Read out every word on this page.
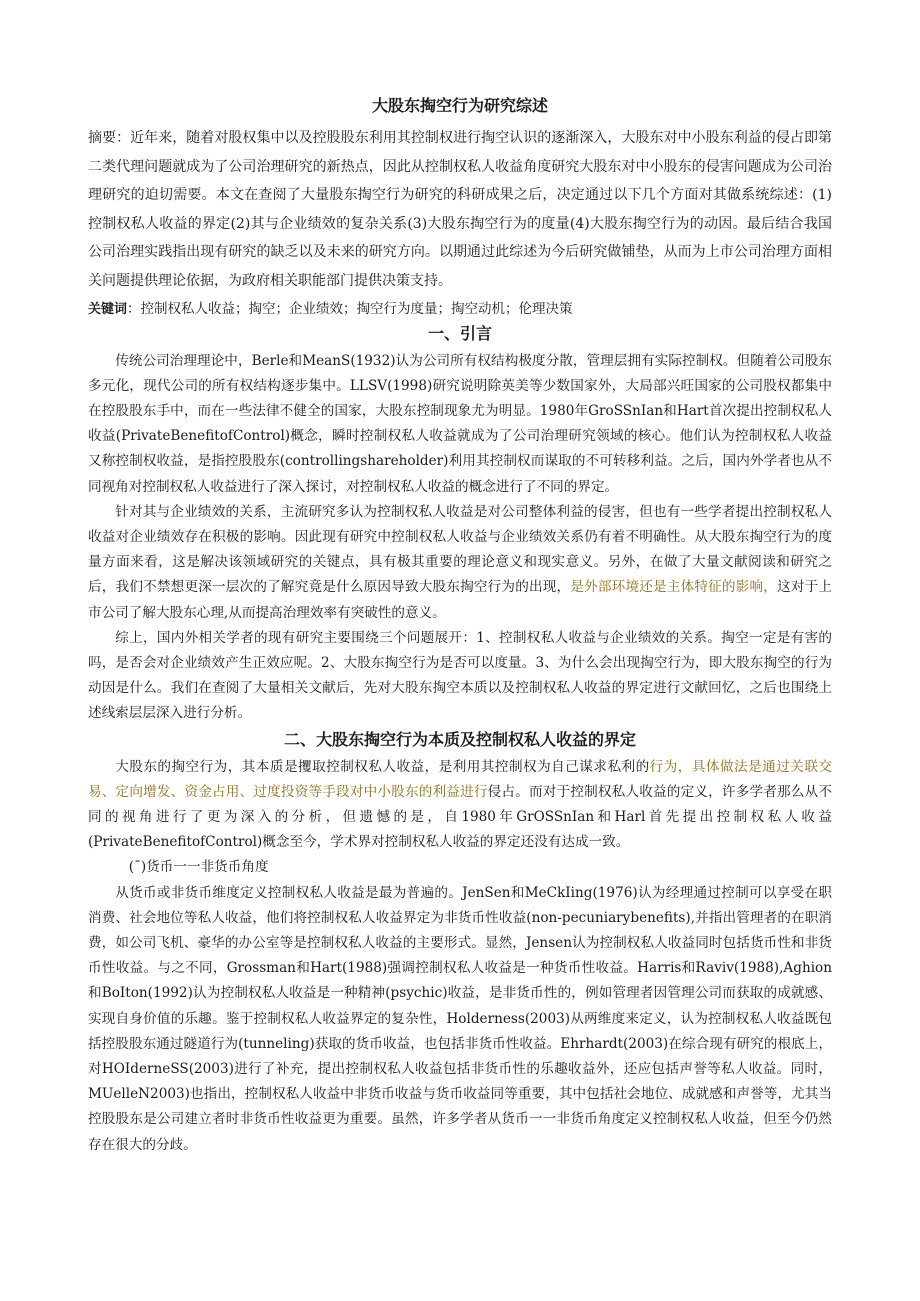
大股东掏空行为研究综述

摘要：近年来，随着对股权集中以及控股股东利用其控制权进行掏空认识的逐渐深入，大股东对中小股东利益的侵占即第二类代理问题就成为了公司治理研究的新热点，因此从控制权私人收益角度研究大股东对中小股东的侵害问题成为公司治理研究的迫切需要。本文在查阅了大量股东掏空行为研究的科研成果之后，决定通过以下几个方面对其做系统综述：(1)控制权私人收益的界定(2)其与企业绩效的复杂关系(3)大股东掏空行为的度量(4)大股东掏空行为的动因。最后结合我国公司治理实践指出现有研究的缺乏以及未来的研究方向。以期通过此综述为今后研究做铺垫，从而为上市公司治理方面相关问题提供理论依据，为政府相关职能部门提供决策支持。

关键词：控制权私人收益；掏空；企业绩效；掏空行为度量；掏空动机；伦理决策

一、引言

传统公司治理理论中，Berle和MeanS(1932)认为公司所有权结构极度分散，管理层拥有实际控制权。但随着公司股东多元化，现代公司的所有权结构逐步集中。LLSV(1998)研究说明除英美等少数国家外，大局部兴旺国家的公司股权都集中在控股股东手中，而在一些法律不健全的国家，大股东控制现象尤为明显。1980年GroSSnIan和Hart首次提出控制权私人收益(PrivateBenefitofControl)概念，瞬时控制权私人收益就成为了公司治理研究领域的核心。他们认为控制权私人收益又称控制权收益，是指控股股东(controllingshareholder)利用其控制权而谋取的不可转移利益。之后，国内外学者也从不同视角对控制权私人收益进行了深入探讨，对控制权私人收益的概念进行了不同的界定。

针对其与企业绩效的关系，主流研究多认为控制权私人收益是对公司整体利益的侵害，但也有一些学者提出控制权私人收益对企业绩效存在积极的影响。因此现有研究中控制权私人收益与企业绩效关系仍有着不明确性。从大股东掏空行为的度量方面来看，这是解决该领域研究的关键点，具有极其重要的理论意义和现实意义。另外，在做了大量文献阅读和研究之后，我们不禁想更深一层次的了解究竟是什么原因导致大股东掏空行为的出现，是外部环境还是主体特征的影响，这对于上市公司了解大股东心理,从而提高治理效率有突破性的意义。

综上，国内外相关学者的现有研究主要围绕三个问题展开：1、控制权私人收益与企业绩效的关系。掏空一定是有害的吗，是否会对企业绩效产生正效应呢。2、大股东掏空行为是否可以度量。3、为什么会出现掏空行为，即大股东掏空的行为动因是什么。我们在查阅了大量相关文献后，先对大股东掏空本质以及控制权私人收益的界定进行文献回忆，之后也围绕上述线索层层深入进行分析。

二、大股东掏空行为本质及控制权私人收益的界定

大股东的掏空行为，其本质是攫取控制权私人收益，是利用其控制权为自己谋求私利的行为，具体做法是通过关联交易、定向增发、资金占用、过度投资等手段对中小股东的利益进行侵占。而对于控制权私人收益的定义，许多学者那么从不同的视角进行了更为深入的分析，但遗憾的是，自1980年GrOSSnIan和Harl首先提出控制权私人收益(PrivateBenefitofControl)概念至今，学术界对控制权私人收益的界定还没有达成一致。

(ˉ)货币一一非货币角度

从货币或非货币维度定义控制权私人收益是最为普遍的。JenSen和MeCkIing(1976)认为经理通过控制可以享受在职消费、社会地位等私人收益，他们将控制权私人收益界定为非货币性收益(non-pecuniarybenefits),并指出管理者的在职消费，如公司飞机、豪华的办公室等是控制权私人收益的主要形式。显然，Jensen认为控制权私人收益同时包括货币性和非货币性收益。与之不同，Grossman和Hart(1988)强调控制权私人收益是一种货币性收益。Harris和Raviv(1988),Aghion和BoIton(1992)认为控制权私人收益是一种精神(psychic)收益，是非货币性的，例如管理者因管理公司而获取的成就感、实现自身价值的乐趣。鉴于控制权私人收益界定的复杂性，Holderness(2003)从两维度来定义，认为控制权私人收益既包括控股股东通过隧道行为(tunneling)获取的货币收益，也包括非货币性收益。Ehrhardt(2003)在综合现有研究的根底上，对HOIderneSS(2003)进行了补充，提出控制权私人收益包括非货币性的乐趣收益外，还应包括声誉等私人收益。同时，MUelleN2003)也指出，控制权私人收益中非货币收益与货币收益同等重要，其中包括社会地位、成就感和声誉等，尤其当控股股东是公司建立者时非货币性收益更为重要。虽然，许多学者从货币一一非货币角度定义控制权私人收益，但至今仍然存在很大的分歧。
